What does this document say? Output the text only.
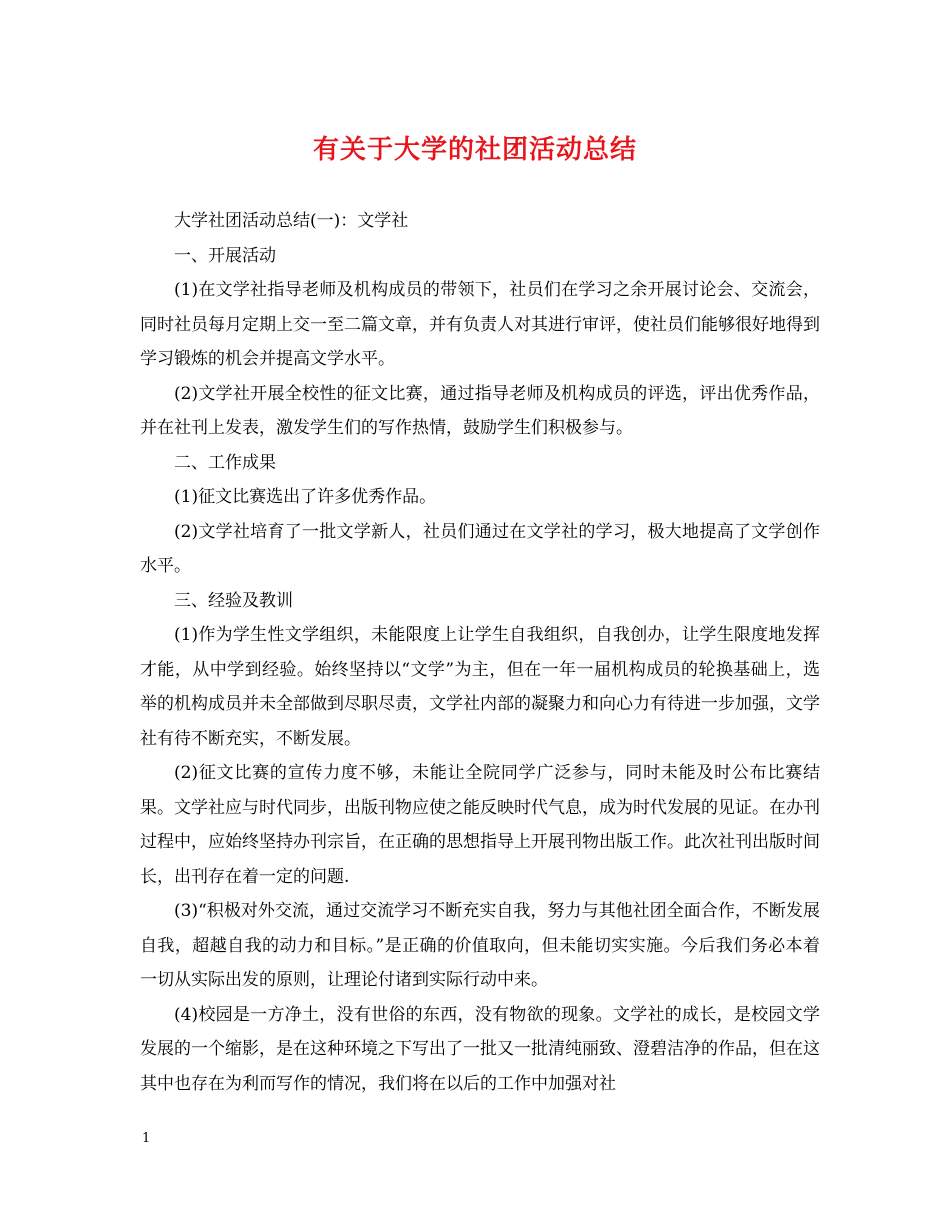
有关于大学的社团活动总结

大学社团活动总结(一)：文学社

一、开展活动

(1)在文学社指导老师及机构成员的带领下，社员们在学习之余开展讨论会、交流会，同时社员每月定期上交一至二篇文章，并有负责人对其进行审评，使社员们能够很好地得到学习锻炼的机会并提高文学水平。

(2)文学社开展全校性的征文比赛，通过指导老师及机构成员的评选，评出优秀作品，并在社刊上发表，激发学生们的写作热情，鼓励学生们积极参与。

二、工作成果

(1)征文比赛选出了许多优秀作品。

(2)文学社培育了一批文学新人，社员们通过在文学社的学习，极大地提高了文学创作水平。

三、经验及教训

(1)作为学生性文学组织，未能限度上让学生自我组织，自我创办，让学生限度地发挥才能，从中学到经验。始终坚持以“文学”为主，但在一年一届机构成员的轮换基础上，选举的机构成员并未全部做到尽职尽责，文学社内部的凝聚力和向心力有待进一步加强，文学社有待不断充实，不断发展。

(2)征文比赛的宣传力度不够，未能让全院同学广泛参与，同时未能及时公布比赛结果。文学社应与时代同步，出版刊物应使之能反映时代气息，成为时代发展的见证。在办刊过程中，应始终坚持办刊宗旨，在正确的思想指导上开展刊物出版工作。此次社刊出版时间长，出刊存在着一定的问题.

(3)“积极对外交流，通过交流学习不断充实自我，努力与其他社团全面合作，不断发展自我，超越自我的动力和目标。”是正确的价值取向，但未能切实实施。今后我们务必本着一切从实际出发的原则，让理论付诸到实际行动中来。

(4)校园是一方净土，没有世俗的东西，没有物欲的现象。文学社的成长，是校园文学发展的一个缩影，是在这种环境之下写出了一批又一批清纯丽致、澄碧洁净的作品，但在这其中也存在为利而写作的情况，我们将在以后的工作中加强对社

1
